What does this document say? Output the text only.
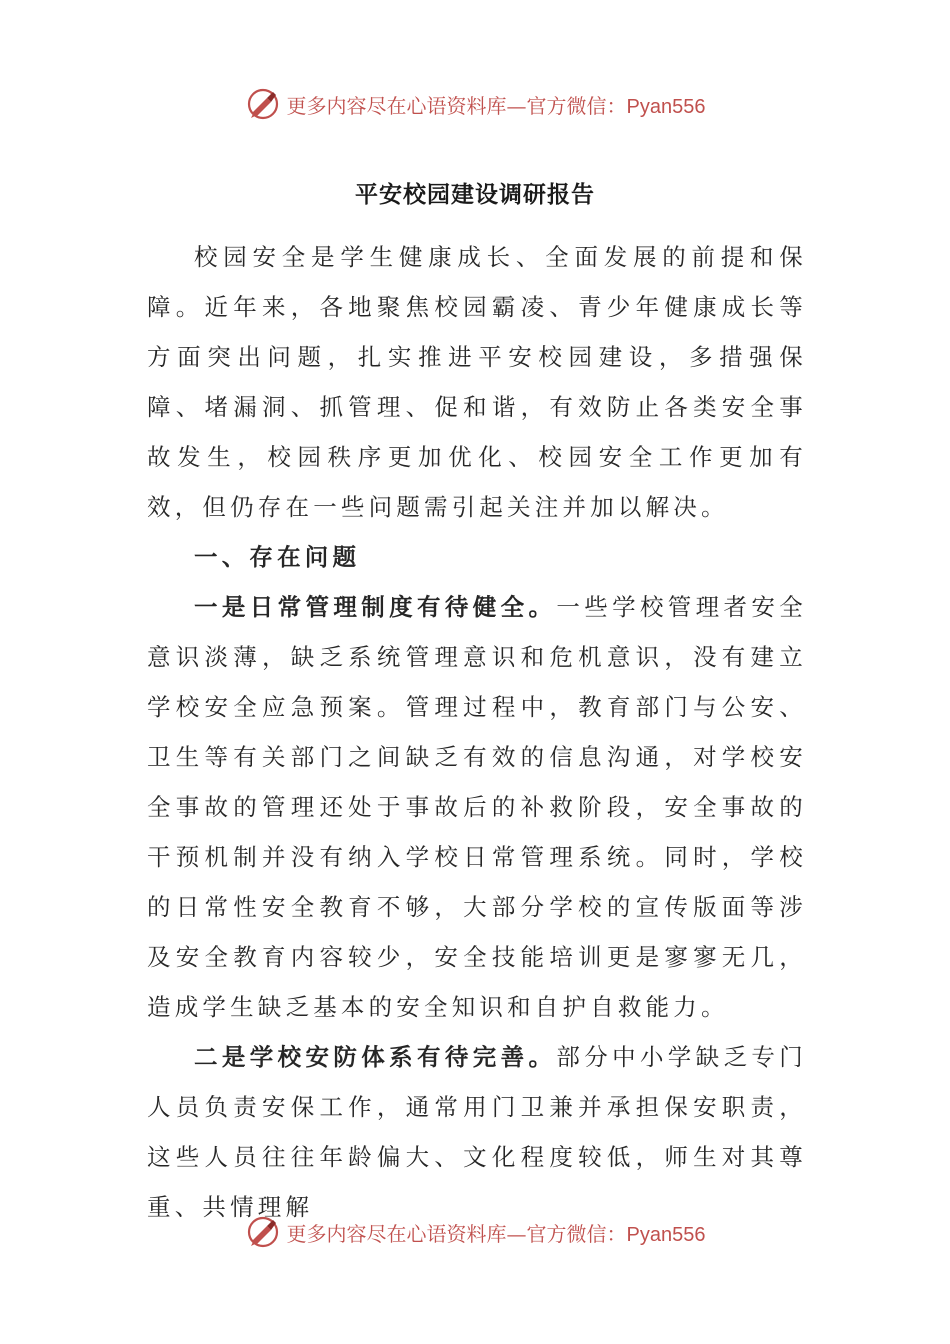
更多内容尽在心语资料库—官方微信：Pyan556
平安校园建设调研报告

校园安全是学生健康成长、全面发展的前提和保障。近年来，各地聚焦校园霸凌、青少年健康成长等方面突出问题，扎实推进平安校园建设，多措强保障、堵漏洞、抓管理、促和谐，有效防止各类安全事故发生，校园秩序更加优化、校园安全工作更加有效，但仍存在一些问题需引起关注并加以解决。

一、存在问题

一是日常管理制度有待健全。一些学校管理者安全意识淡薄，缺乏系统管理意识和危机意识，没有建立学校安全应急预案。管理过程中，教育部门与公安、卫生等有关部门之间缺乏有效的信息沟通，对学校安全事故的管理还处于事故后的补救阶段，安全事故的干预机制并没有纳入学校日常管理系统。同时，学校的日常性安全教育不够，大部分学校的宣传版面等涉及安全教育内容较少，安全技能培训更是寥寥无几，造成学生缺乏基本的安全知识和自护自救能力。

二是学校安防体系有待完善。部分中小学缺乏专门人员负责安保工作，通常用门卫兼并承担保安职责，这些人员往往年龄偏大、文化程度较低，师生对其尊重、共情理解

更多内容尽在心语资料库—官方微信：Pyan556
